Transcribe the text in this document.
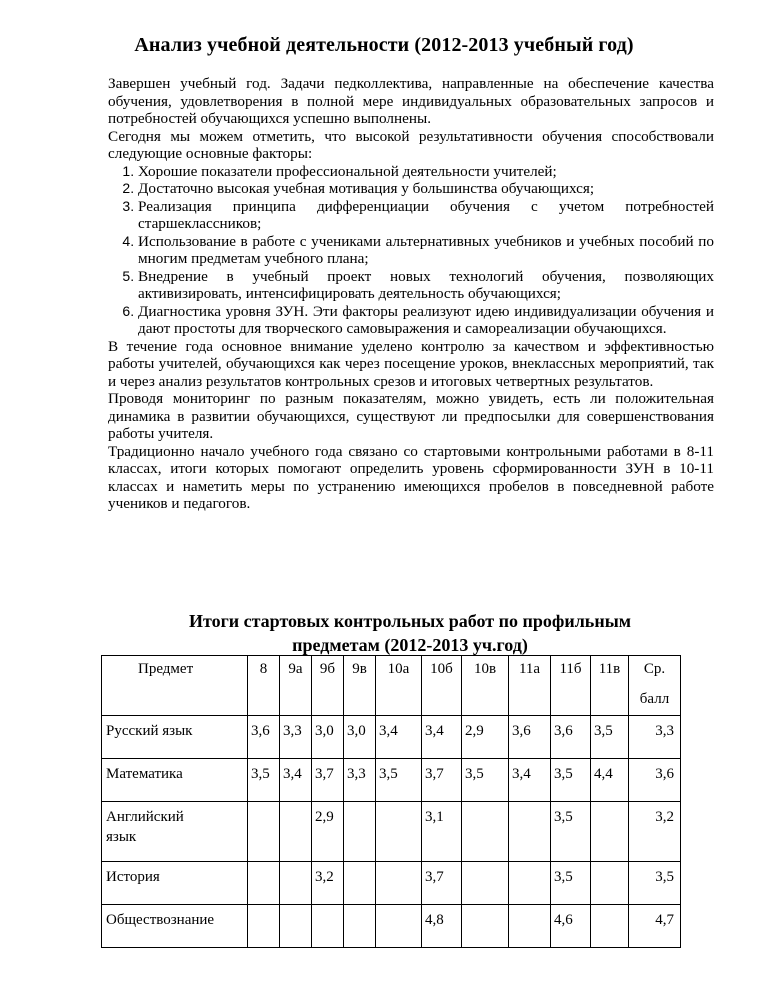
Анализ учебной деятельности (2012-2013 учебный год)

Завершен учебный год. Задачи педколлектива, направленные на обеспечение качества обучения, удовлетворения в полной мере индивидуальных образовательных запросов и потребностей обучающихся успешно выполнены.

Сегодня мы можем отметить, что высокой результативности обучения способствовали следующие основные факторы:

1. Хорошие показатели профессиональной деятельности учителей;
2. Достаточно высокая учебная мотивация у большинства обучающихся;
3. Реализация принципа дифференциации обучения с учетом потребностей старшеклассников;
4. Использование в работе с учениками альтернативных учебников и учебных пособий по многим предметам учебного плана;
5. Внедрение в учебный проект новых технологий обучения, позволяющих активизировать, интенсифицировать деятельность обучающихся;
6. Диагностика уровня ЗУН. Эти факторы реализуют идею индивидуализации обучения и дают простоты для творческого самовыражения и самореализации обучающихся.

В течение года основное внимание уделено контролю за качеством и эффективностью работы учителей, обучающихся как через посещение уроков, внеклассных мероприятий, так и через анализ результатов контрольных срезов и итоговых четвертных результатов.

Проводя мониторинг по разным показателям, можно увидеть, есть ли положительная динамика в развитии обучающихся, существуют ли предпосылки для совершенствования работы учителя.

Традиционно начало учебного года связано со стартовыми контрольными работами в 8-11 классах, итоги которых помогают определить уровень сформированности ЗУН в 10-11 классах и наметить меры по устранению имеющихся пробелов в повседневной работе учеников и педагогов.

Итоги стартовых контрольных работ по профильным
предметам (2012-2013 уч.год)
Предмет	8	9а	9б	9в	10а	10б	10в	11а	11б	11в	Ср.
балл
Русский язык	3,6	3,3	3,0	3,0	3,4	3,4	2,9	3,6	3,6	3,5	3,3
Математика	3,5	3,4	3,7	3,3	3,5	3,7	3,5	3,4	3,5	4,4	3,6
Английский язык			2,9			3,1			3,5		3,2
История			3,2			3,7			3,5		3,5
Обществознание						4,8			4,6		4,7
